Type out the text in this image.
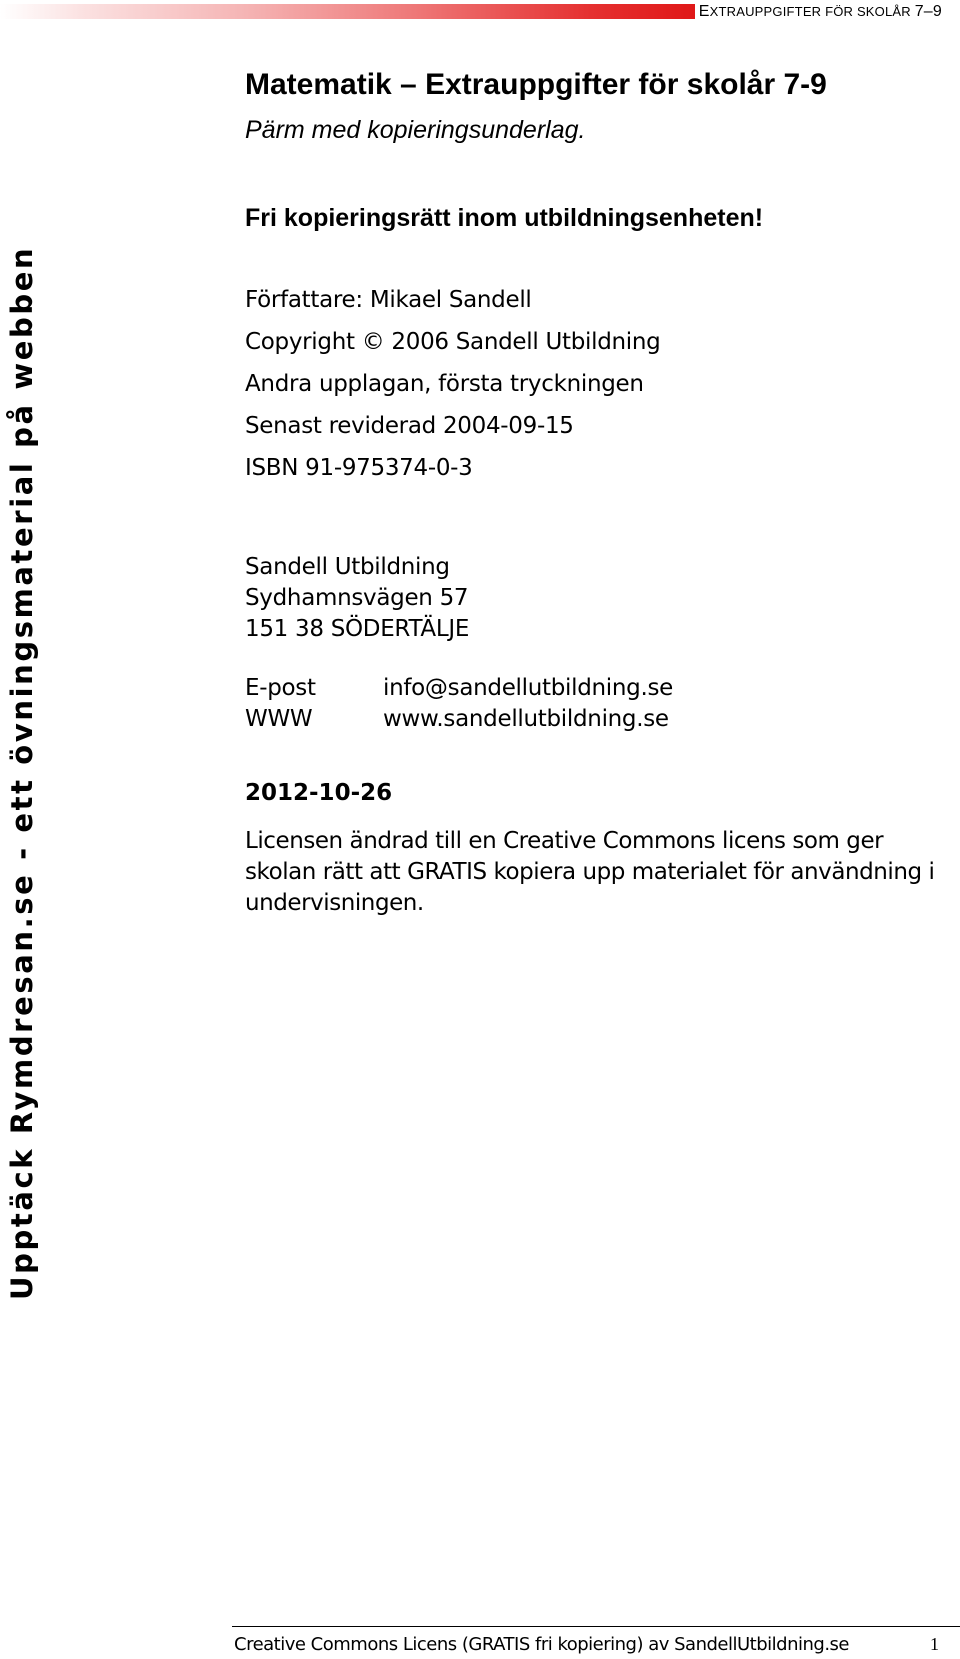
EXTRAUPPGIFTER FÖR SKOLÅR 7–9
Upptäck Rymdresan.se - ett övningsmaterial på webben
Matematik – Extrauppgifter för skolår 7-9
Pärm med kopieringsunderlag.
Fri kopieringsrätt inom utbildningsenheten!
Författare: Mikael Sandell
Copyright © 2006 Sandell Utbildning
Andra upplagan, första tryckningen
Senast reviderad 2004-09-15
ISBN 91-975374-0-3
Sandell Utbildning
Sydhamnsvägen 57
151 38 SÖDERTÄLJE
E-post	info@sandellutbildning.se
WWW	www.sandellutbildning.se
2012-10-26
Licensen ändrad till en Creative Commons licens som ger skolan rätt att GRATIS kopiera upp materialet för användning i undervisningen.
Creative Commons Licens (GRATIS fri kopiering) av SandellUtbildning.se	1
